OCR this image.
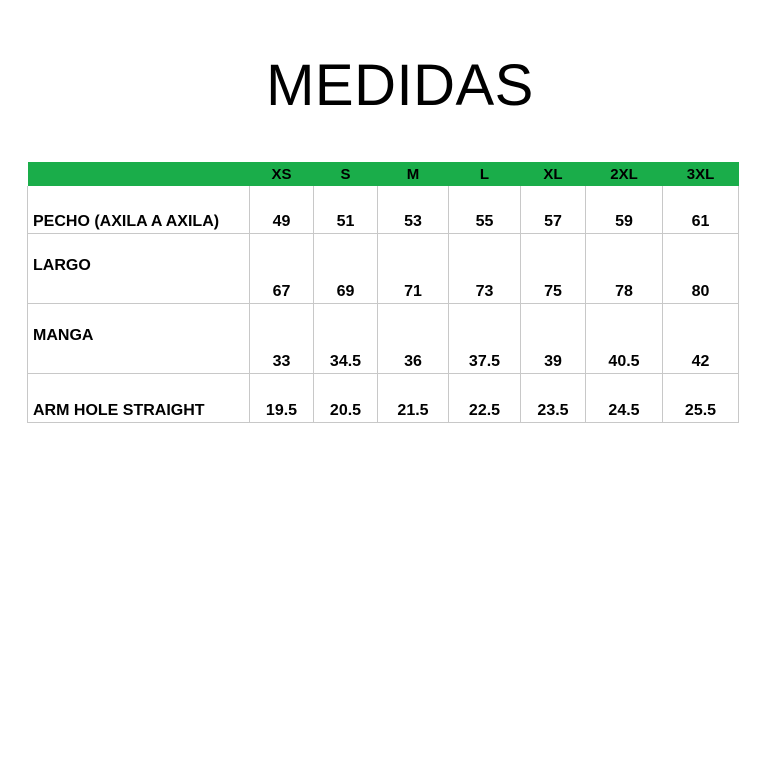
MEDIDAS
	XS	S	M	L	XL	2XL	3XL
PECHO (AXILA A AXILA)	49	51	53	55	57	59	61
LARGO	67	69	71	73	75	78	80
MANGA	33	34.5	36	37.5	39	40.5	42
ARM HOLE STRAIGHT	19.5	20.5	21.5	22.5	23.5	24.5	25.5
